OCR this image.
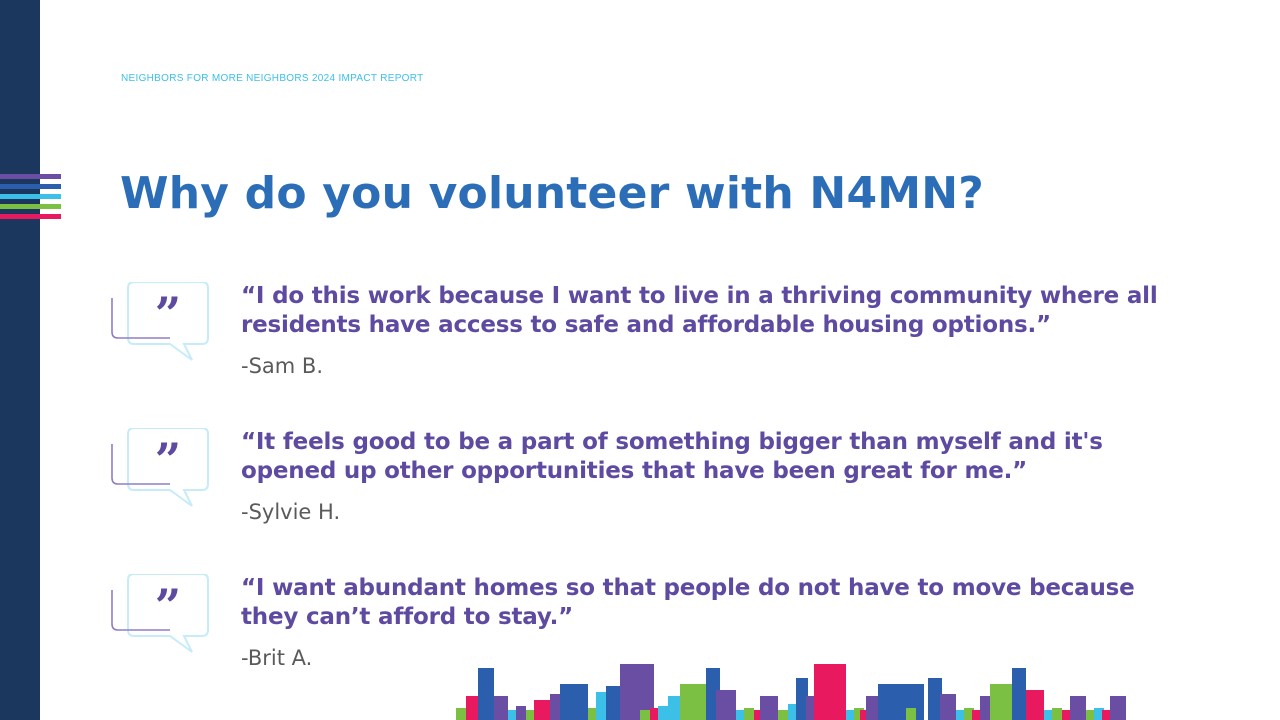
NEIGHBORS FOR MORE NEIGHBORS 2024 IMPACT REPORT
Why do you volunteer with N4MN?
”	“I do this work because I want to live in a thriving community where all
residents have access to safe and affordable housing options.”

-Sam B.
”	“It feels good to be a part of something bigger than myself and it's
opened up other opportunities that have been great for me.”

-Sylvie H.
”	“I want abundant homes so that people do not have to move because
they can’t afford to stay.”

-Brit A.
